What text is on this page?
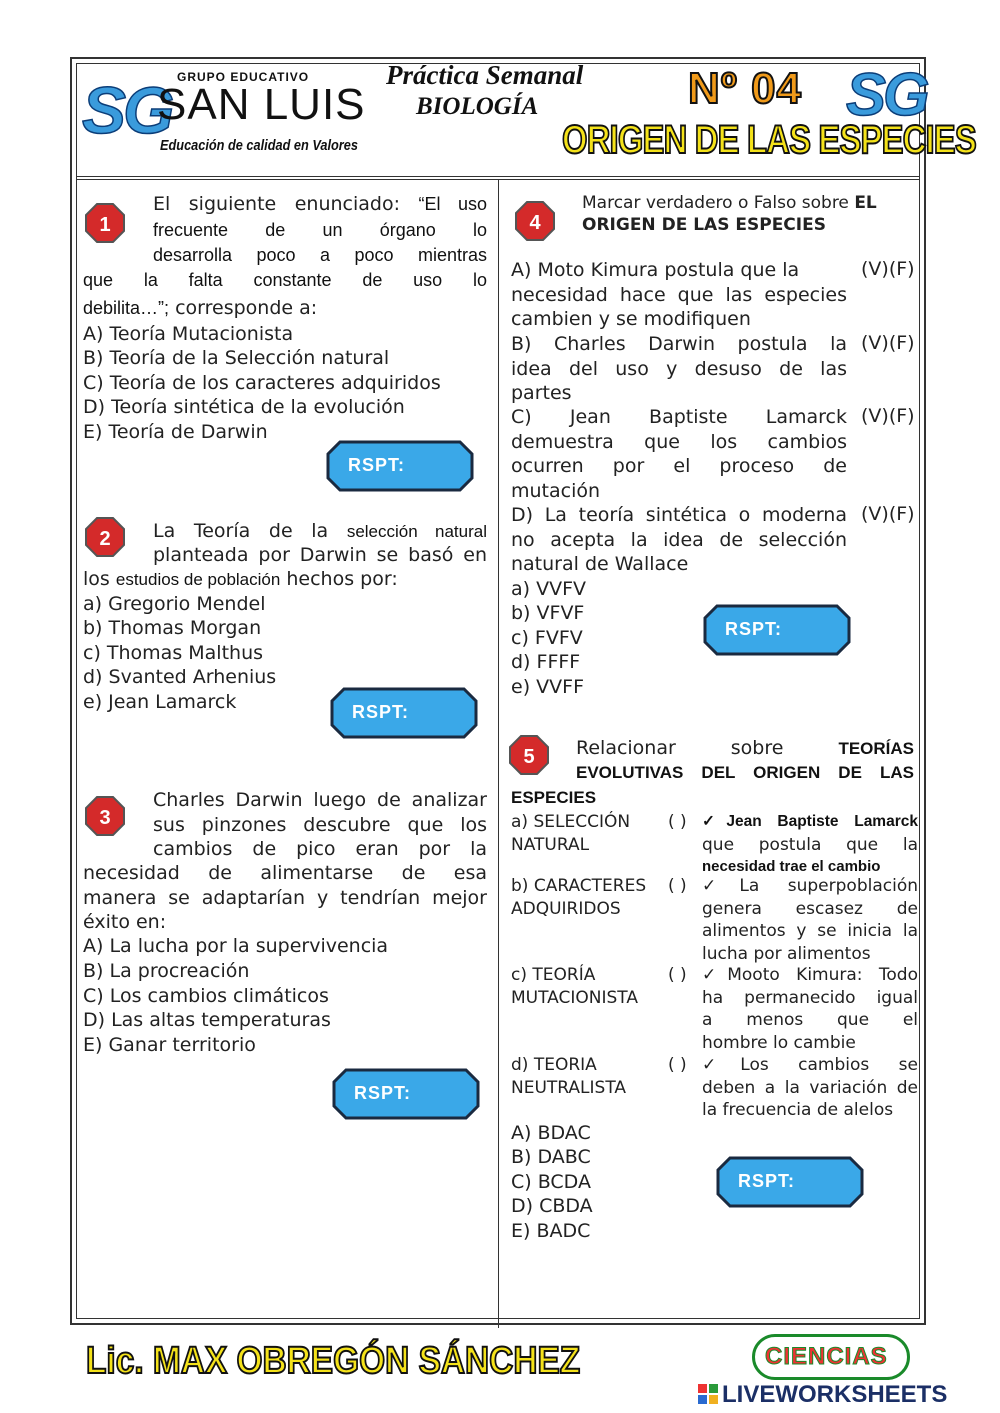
SG GRUPO EDUCATIVO
SAN LUIS
Educación de calidad en Valores
Práctica Semanal
BIOLOGÍA	Nº 04 SG
ORIGEN DE LAS ESPECIES
1
El siguiente enunciado: “El uso
frecuente de un órgano lo
desarrolla poco a poco mientras
que la falta constante de uso lo
debilita…”; corresponde a:
A) Teoría Mutacionista
B) Teoría de la Selección natural
C) Teoría de los caracteres adquiridos
D) Teoría sintética de la evolución
E) Teoría de Darwin
RSPT:
2 La Teoría de la selección natural
planteada por Darwin se basó en
los estudios de población hechos por:
a) Gregorio Mendel
b) Thomas Morgan
c) Thomas Malthus
d) Svanted Arhenius
e) Jean Lamarck	RSPT:
3
Charles Darwin luego de analizar
sus pinzones descubre que los
cambios de pico eran por la
necesidad de alimentarse de esa
manera se adaptarían y tendrían mejor
éxito en:
A) La lucha por la supervivencia
B) La procreación
C) Los cambios climáticos
D) Las altas temperaturas
E) Ganar territorio
RSPT:
4
Marcar verdadero o Falso sobre EL
ORIGEN DE LAS ESPECIES
A) Moto Kimura postula que la
necesidad hace que las especies
cambien y se modifiquen
(V)(F)
B) Charles Darwin postula la
idea del uso y desuso de las
partes
(V)(F)
C) Jean Baptiste Lamarck
demuestra que los cambios
ocurren por el proceso de
mutación
(V)(F)
D) La teoría sintética o moderna
no acepta la idea de selección
natural de Wallace
(V)(F)
a) VVFV
b) VFVF
c) FVFV
d) FFFF
e) VVFF
RSPT:
5 Relacionar sobre	TEORÍAS
EVOLUTIVAS DEL ORIGEN DE LAS
ESPECIES
a) SELECCIÓN
NATURAL
( ) ✓Jean Baptiste Lamarck
que postula que la
necesidad trae el cambio
b) CARACTERES
ADQUIRIDOS
( ) ✓La superpoblación
genera escasez de
alimentos y se inicia la
lucha por alimentos
c) TEORÍA
MUTACIONISTA
( ) ✓Mooto Kimura: Todo
ha permanecido igual
a menos que el
hombre lo cambie
d) TEORIA
NEUTRALISTA
( ) ✓Los cambios se
deben a la variación de
la frecuencia de alelos
A) BDAC
B) DABC
C) BCDA
D) CBDA
E) BADC
RSPT:
Lic. MAX OBREGÓN SÁNCHEZ	CIENCIAS
LIVEWORKSHEETS
